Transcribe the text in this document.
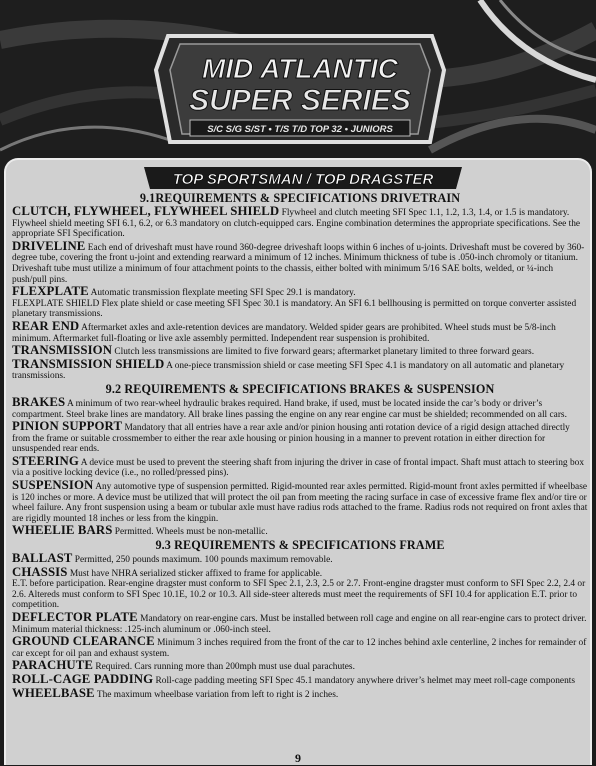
MID ATLANTIC
SUPER SERIES
S/C S/G S/ST • T/S T/D TOP 32 • JUNIORS
TOP SPORTSMAN / TOP DRAGSTER
9.1REQUIREMENTS & SPECIFICATIONS DRIVETRAIN
CLUTCH, FLYWHEEL, FLYWHEEL SHIELD Flywheel and clutch meeting SFI Spec 1.1, 1.2, 1.3, 1.4, or 1.5 is mandatory. Flywheel shield meeting SFI 6.1, 6.2, or 6.3 mandatory on clutch-equipped cars. Engine combination determines the appropriate specifications. See the appropriate SFI Specification.
DRIVELINE Each end of driveshaft must have round 360-degree driveshaft loops within 6 inches of u-joints. Driveshaft must be covered by 360-degree tube, covering the front u-joint and extending rearward a minimum of 12 inches. Minimum thickness of tube is .050-inch chromoly or titanium. Driveshaft tube must utilize a minimum of four attachment points to the chassis, either bolted with minimum 5/16 SAE bolts, welded, or ¼-inch push/pull pins.
FLEXPLATE Automatic transmission flexplate meeting SFI Spec 29.1 is mandatory.
FLEXPLATE SHIELD Flex plate shield or case meeting SFI Spec 30.1 is mandatory. An SFI 6.1 bellhousing is permitted on torque converter assisted planetary transmissions.
REAR END Aftermarket axles and axle-retention devices are mandatory. Welded spider gears are prohibited. Wheel studs must be 5/8-inch minimum. Aftermarket full-floating or live axle assembly permitted. Independent rear suspension is prohibited.
TRANSMISSION Clutch less transmissions are limited to five forward gears; aftermarket planetary limited to three forward gears.
TRANSMISSION SHIELD A one-piece transmission shield or case meeting SFI Spec 4.1 is mandatory on all automatic and planetary transmissions.
9.2 REQUIREMENTS & SPECIFICATIONS BRAKES & SUSPENSION
BRAKES A minimum of two rear-wheel hydraulic brakes required. Hand brake, if used, must be located inside the car’s body or driver’s compartment. Steel brake lines are mandatory. All brake lines passing the engine on any rear engine car must be shielded; recommended on all cars.
PINION SUPPORT Mandatory that all entries have a rear axle and/or pinion housing anti rotation device of a rigid design attached directly from the frame or suitable crossmember to either the rear axle housing or pinion housing in a manner to prevent rotation in either direction for unsuspended rear ends.
STEERING A device must be used to prevent the steering shaft from injuring the driver in case of frontal impact. Shaft must attach to steering box via a positive locking device (i.e., no rolled/pressed pins).
SUSPENSION Any automotive type of suspension permitted. Rigid-mounted rear axles permitted. Rigid-mount front axles permitted if wheelbase is 120 inches or more. A device must be utilized that will protect the oil pan from meeting the racing surface in case of excessive frame flex and/or tire or wheel failure. Any front suspension using a beam or tubular axle must have radius rods attached to the frame. Radius rods not required on front axles that are rigidly mounted 18 inches or less from the kingpin.
WHEELIE BARS Permitted. Wheels must be non-metallic.
9.3 REQUIREMENTS & SPECIFICATIONS FRAME
BALLAST Permitted, 250 pounds maximum. 100 pounds maximum removable.
CHASSIS Must have NHRA serialized sticker affixed to frame for applicable.
E.T. before participation. Rear-engine dragster must conform to SFI Spec 2.1, 2.3, 2.5 or 2.7. Front-engine dragster must conform to SFI Spec 2.2, 2.4 or 2.6. Altereds must conform to SFI Spec 10.1E, 10.2 or 10.3. All side-steer altereds must meet the requirements of SFI 10.4 for application E.T. prior to competition.
DEFLECTOR PLATE Mandatory on rear-engine cars. Must be installed between roll cage and engine on all rear-engine cars to protect driver. Minimum material thickness: .125-inch aluminum or .060-inch steel.
GROUND CLEARANCE Minimum 3 inches required from the front of the car to 12 inches behind axle centerline, 2 inches for remainder of car except for oil pan and exhaust system.
PARACHUTE Required. Cars running more than 200mph must use dual parachutes.
ROLL-CAGE PADDING Roll-cage padding meeting SFI Spec 45.1 mandatory anywhere driver’s helmet may meet roll-cage components
WHEELBASE The maximum wheelbase variation from left to right is 2 inches.
9
